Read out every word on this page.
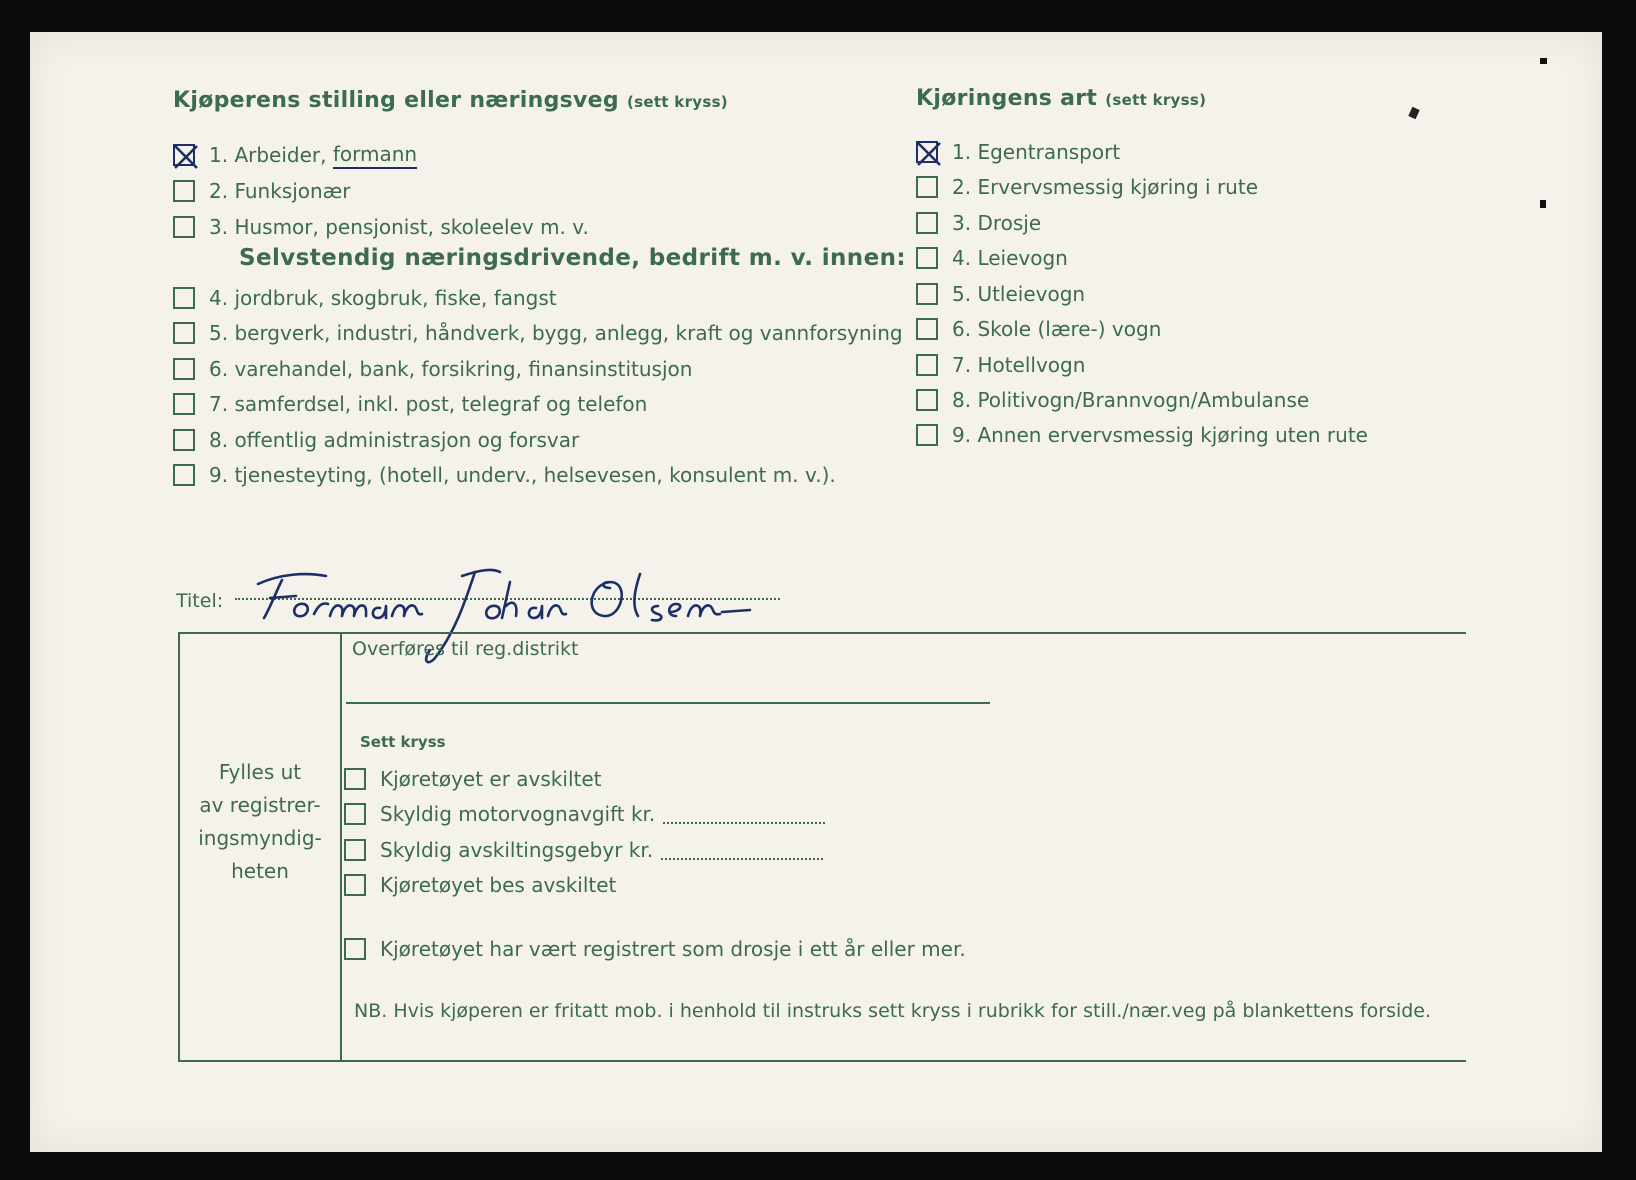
Kjøperens stilling eller næringsveg (sett kryss)
1. Arbeider, formann
2. Funksjonær
3. Husmor, pensjonist, skoleelev m. v.
Selvstendig næringsdrivende, bedrift m. v. innen:
4. jordbruk, skogbruk, fiske, fangst
5. bergverk, industri, håndverk, bygg, anlegg, kraft og vannforsyning
6. varehandel, bank, forsikring, finansinstitusjon
7. samferdsel, inkl. post, telegraf og telefon
8. offentlig administrasjon og forsvar
9. tjenesteyting, (hotell, underv., helsevesen, konsulent m. v.).
Kjøringens art (sett kryss)
1. Egentransport
2. Ervervsmessig kjøring i rute
3. Drosje
4. Leievogn
5. Utleievogn
6. Skole (lære-) vogn
7. Hotellvogn
8. Politivogn/Brannvogn/Ambulanse
9. Annen ervervsmessig kjøring uten rute
Titel:
Fylles ut
av registrer-
ingsmyndig-
heten
Overføres til reg.distrikt
Sett kryss
Kjøretøyet er avskiltet
Skyldig motorvognavgift kr.
Skyldig avskiltingsgebyr kr.
Kjøretøyet bes avskiltet
Kjøretøyet har vært registrert som drosje i ett år eller mer.
NB. Hvis kjøperen er fritatt mob. i henhold til instruks sett kryss i rubrikk for still./nær.veg på blankettens forside.
